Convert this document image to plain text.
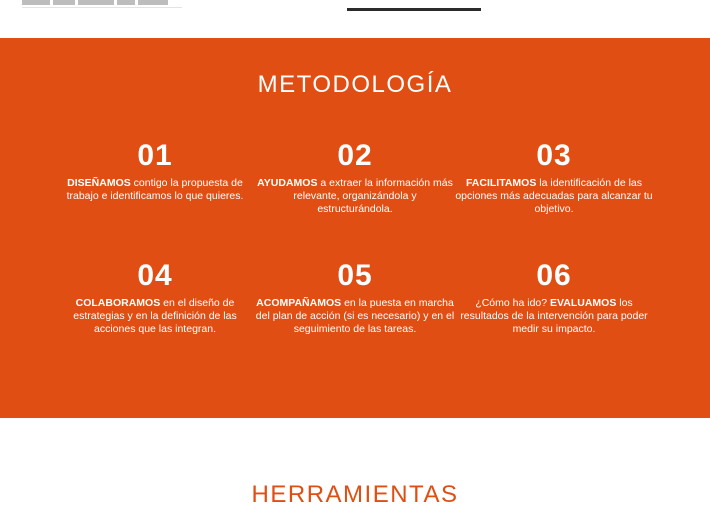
METODOLOGÍA
01
DISEÑAMOS contigo la propuesta de trabajo e identificamos lo que quieres.
02
AYUDAMOS a extraer la información más relevante, organizándola y estructurándola.
03
FACILITAMOS la identificación de las opciones más adecuadas para alcanzar tu objetivo.
04
COLABORAMOS en el diseño de estrategias y en la definición de las acciones que las integran.
05
ACOMPAÑAMOS en la puesta en marcha del plan de acción (si es necesario) y en el seguimiento de las tareas.
06
¿Cómo ha ido? EVALUAMOS los resultados de la intervención para poder medir su impacto.
HERRAMIENTAS
